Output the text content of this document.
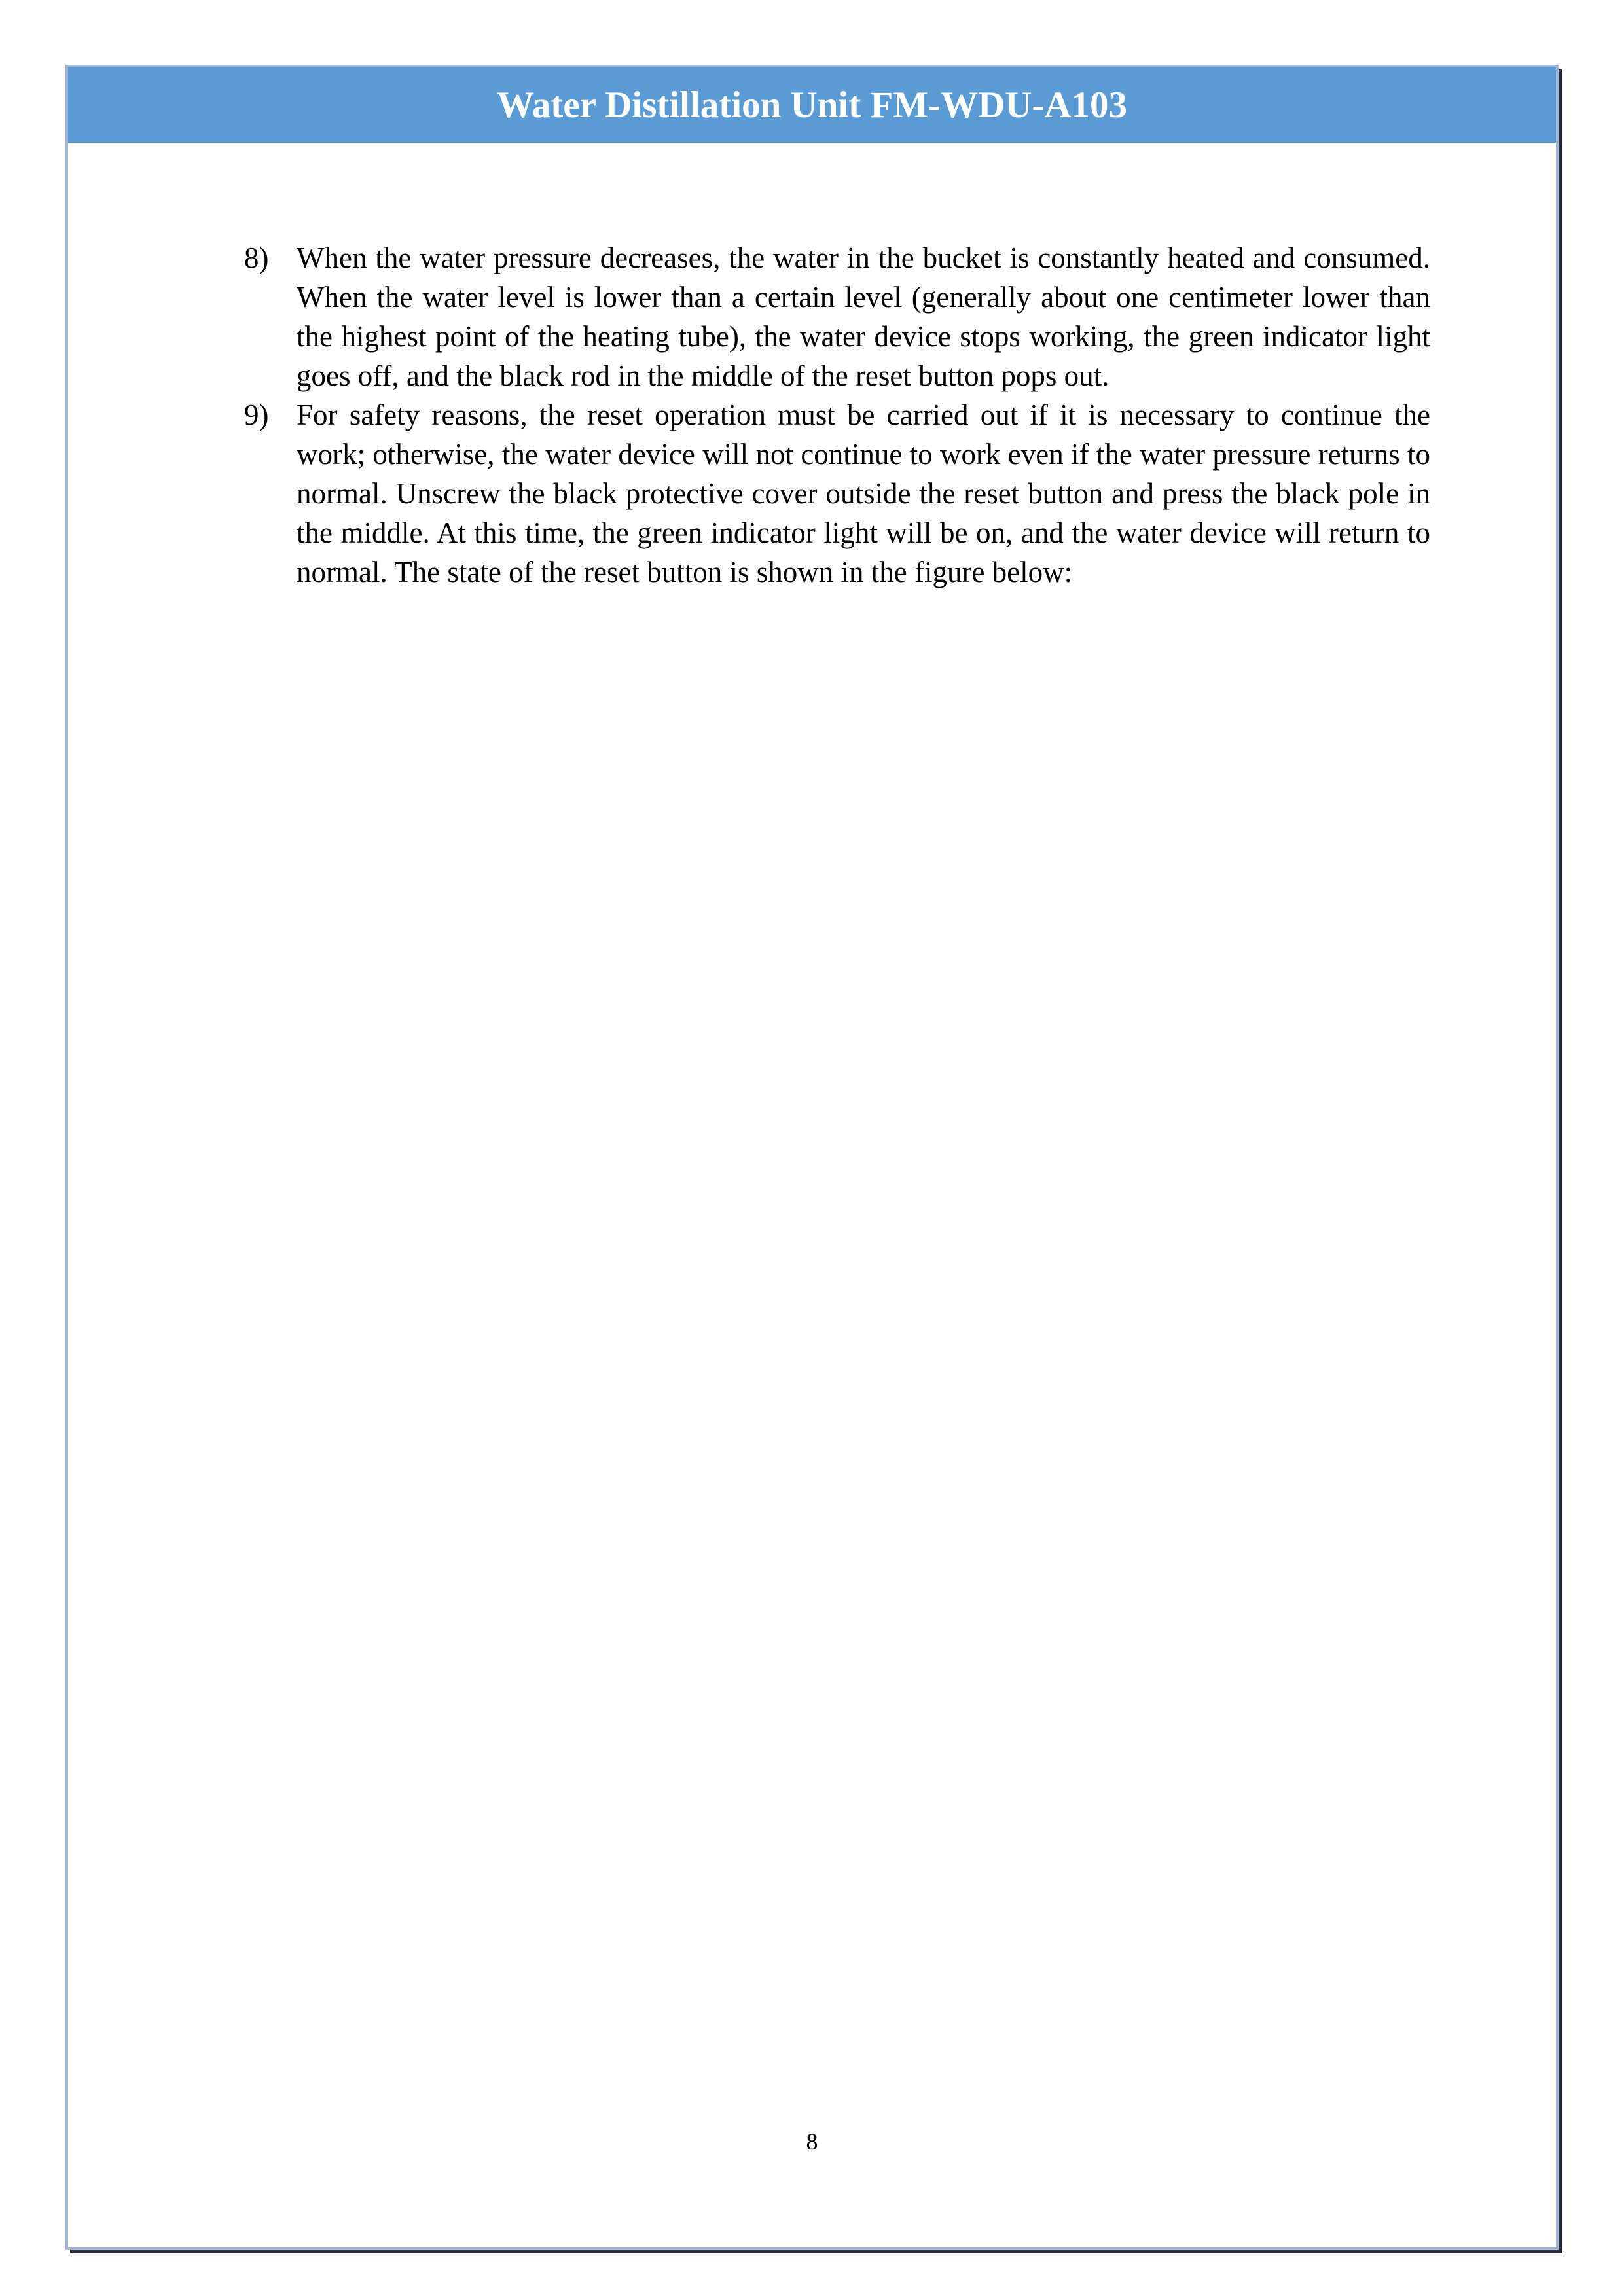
Water Distillation Unit FM-WDU-A103
8) When the water pressure decreases, the water in the bucket is constantly heated and consumed. When the water level is lower than a certain level (generally about one centimeter lower than the highest point of the heating tube), the water device stops working, the green indicator light goes off, and the black rod in the middle of the reset button pops out.
9) For safety reasons, the reset operation must be carried out if it is necessary to continue the work; otherwise, the water device will not continue to work even if the water pressure returns to normal. Unscrew the black protective cover outside the reset button and press the black pole in the middle. At this time, the green indicator light will be on, and the water device will return to normal. The state of the reset button is shown in the figure below:
8
